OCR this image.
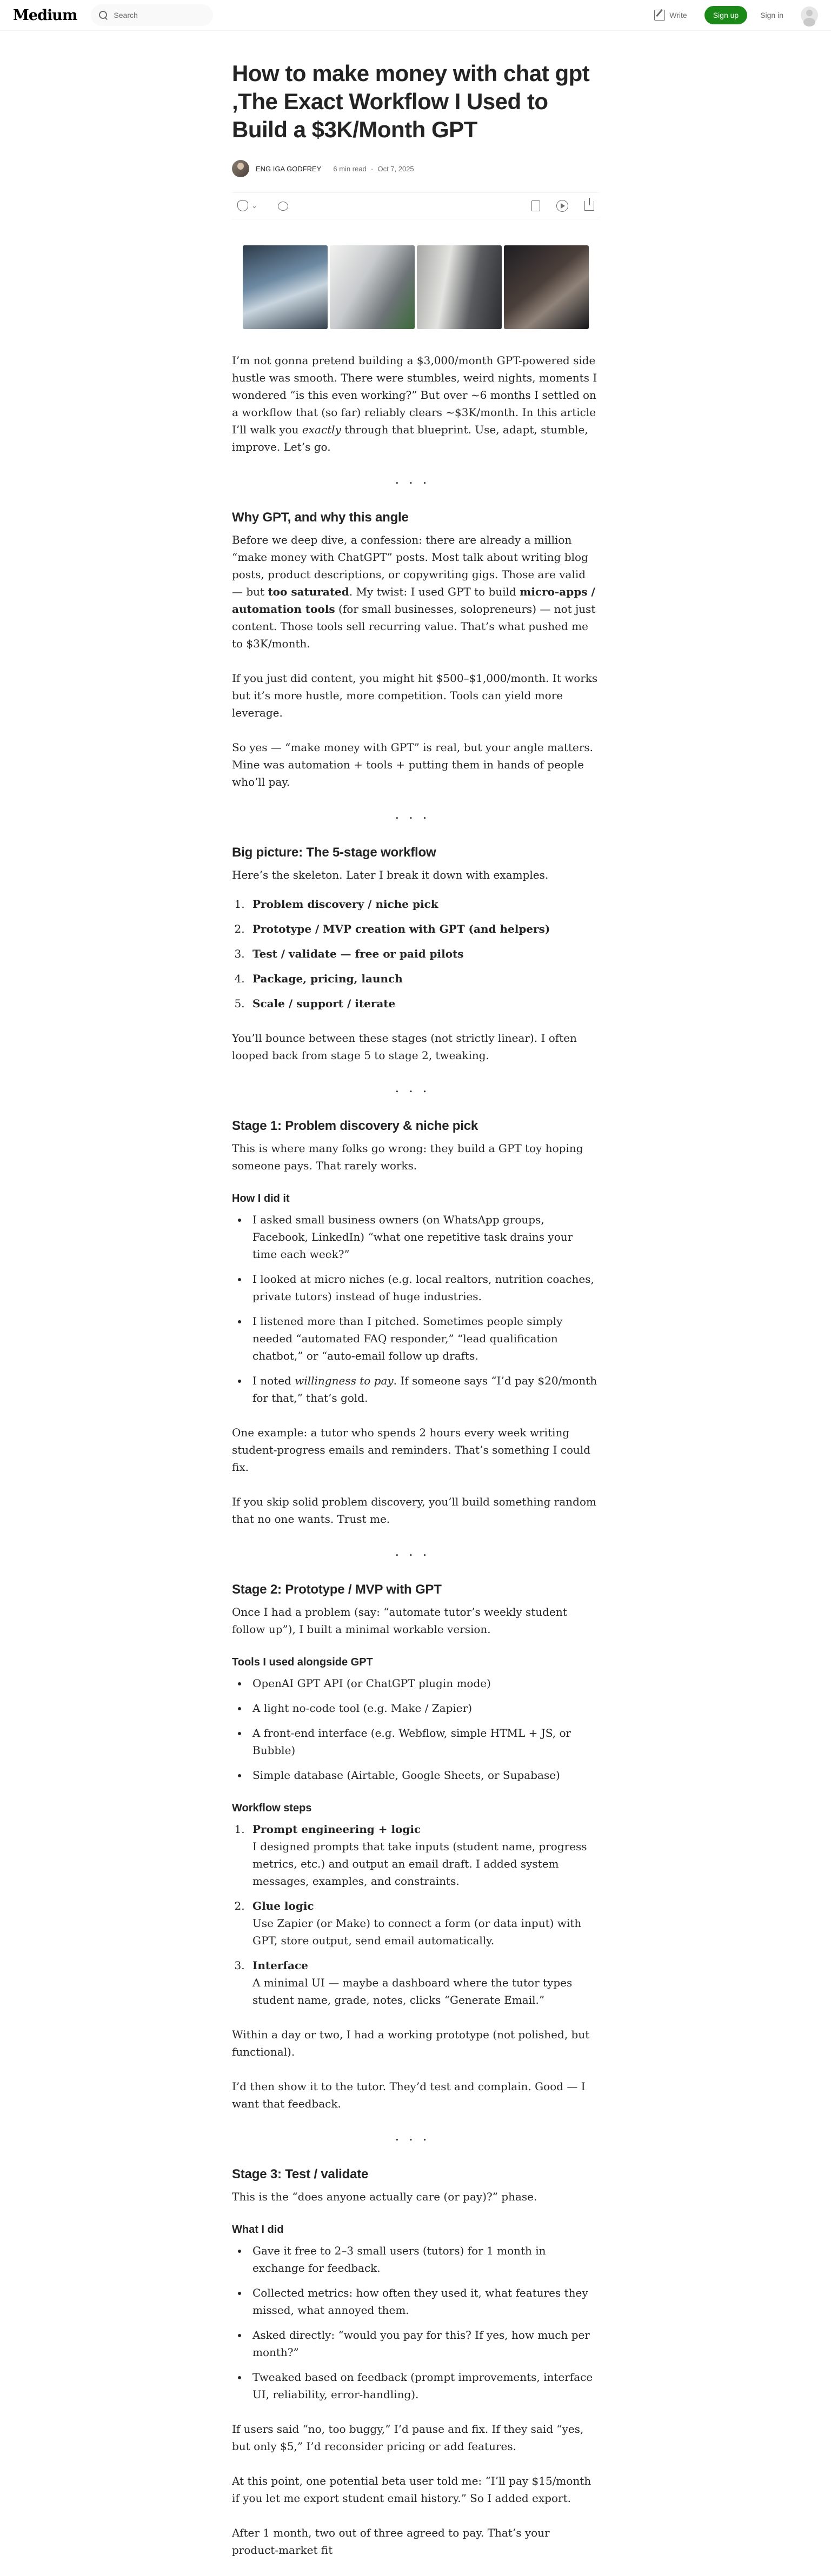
Medium	Search	Write	Sign up	Sign in
How to make money with chat gpt ,The Exact Workflow I Used to Build a $3K/Month GPT
ENG IGA GODFREY 6 min read · Oct 7, 2025
⌄

I’m not gonna pretend building a $3,000/month GPT-powered side hustle was smooth. There were stumbles, weird nights, moments I wondered “is this even working?” But over ~6 months I settled on a workflow that (so far) reliably clears ~$3K/month. In this article I’ll walk you exactly through that blueprint. Use, adapt, stumble, improve. Let’s go.

...
Why GPT, and why this angle

Before we deep dive, a confession: there are already a million “make money with ChatGPT” posts. Most talk about writing blog posts, product descriptions, or copywriting gigs. Those are valid — but too saturated. My twist: I used GPT to build micro-apps / automation tools (for small businesses, solopreneurs) — not just content. Those tools sell recurring value. That’s what pushed me to $3K/month.

If you just did content, you might hit $500–$1,000/month. It works but it’s more hustle, more competition. Tools can yield more leverage.

So yes — “make money with GPT” is real, but your angle matters. Mine was automation + tools + putting them in hands of people who’ll pay.

...
Big picture: The 5-stage workflow

Here’s the skeleton. Later I break it down with examples.

1. Problem discovery / niche pick
2. Prototype / MVP creation with GPT (and helpers)
3. Test / validate — free or paid pilots
4. Package, pricing, launch
5. Scale / support / iterate

You’ll bounce between these stages (not strictly linear). I often looped back from stage 5 to stage 2, tweaking.

...
Stage 1: Problem discovery & niche pick

This is where many folks go wrong: they build a GPT toy hoping someone pays. That rarely works.

How I did it
• I asked small business owners (on WhatsApp groups, Facebook, LinkedIn) “what one repetitive task drains your time each week?”
• I looked at micro niches (e.g. local realtors, nutrition coaches, private tutors) instead of huge industries.
• I listened more than I pitched. Sometimes people simply needed “automated FAQ responder,” “lead qualification chatbot,” or “auto-email follow up drafts.
• I noted willingness to pay. If someone says “I’d pay $20/month for that,” that’s gold.

One example: a tutor who spends 2 hours every week writing student-progress emails and reminders. That’s something I could fix.

If you skip solid problem discovery, you’ll build something random that no one wants. Trust me.

...
Stage 2: Prototype / MVP with GPT

Once I had a problem (say: “automate tutor’s weekly student follow up”), I built a minimal workable version.

Tools I used alongside GPT
• OpenAI GPT API (or ChatGPT plugin mode)
• A light no-code tool (e.g. Make / Zapier)
• A front-end interface (e.g. Webflow, simple HTML + JS, or Bubble)
• Simple database (Airtable, Google Sheets, or Supabase)
Workflow steps
1. Prompt engineering + logic
I designed prompts that take inputs (student name, progress metrics, etc.) and output an email draft. I added system messages, examples, and constraints.
2. Glue logic
Use Zapier (or Make) to connect a form (or data input) with GPT, store output, send email automatically.
3. Interface
A minimal UI — maybe a dashboard where the tutor types student name, grade, notes, clicks “Generate Email.”

Within a day or two, I had a working prototype (not polished, but functional).

I’d then show it to the tutor. They’d test and complain. Good — I want that feedback.

...
Stage 3: Test / validate

This is the “does anyone actually care (or pay)?” phase.

What I did
• Gave it free to 2–3 small users (tutors) for 1 month in exchange for feedback.
• Collected metrics: how often they used it, what features they missed, what annoyed them.
• Asked directly: “would you pay for this? If yes, how much per month?”
• Tweaked based on feedback (prompt improvements, interface UI, reliability, error-handling).

If users said “no, too buggy,” I’d pause and fix. If they said “yes, but only $5,” I’d reconsider pricing or add features.

At this point, one potential beta user told me: “I’ll pay $15/month if you let me export student email history.” So I added export.

After 1 month, two out of three agreed to pay. That’s your product-market fit
